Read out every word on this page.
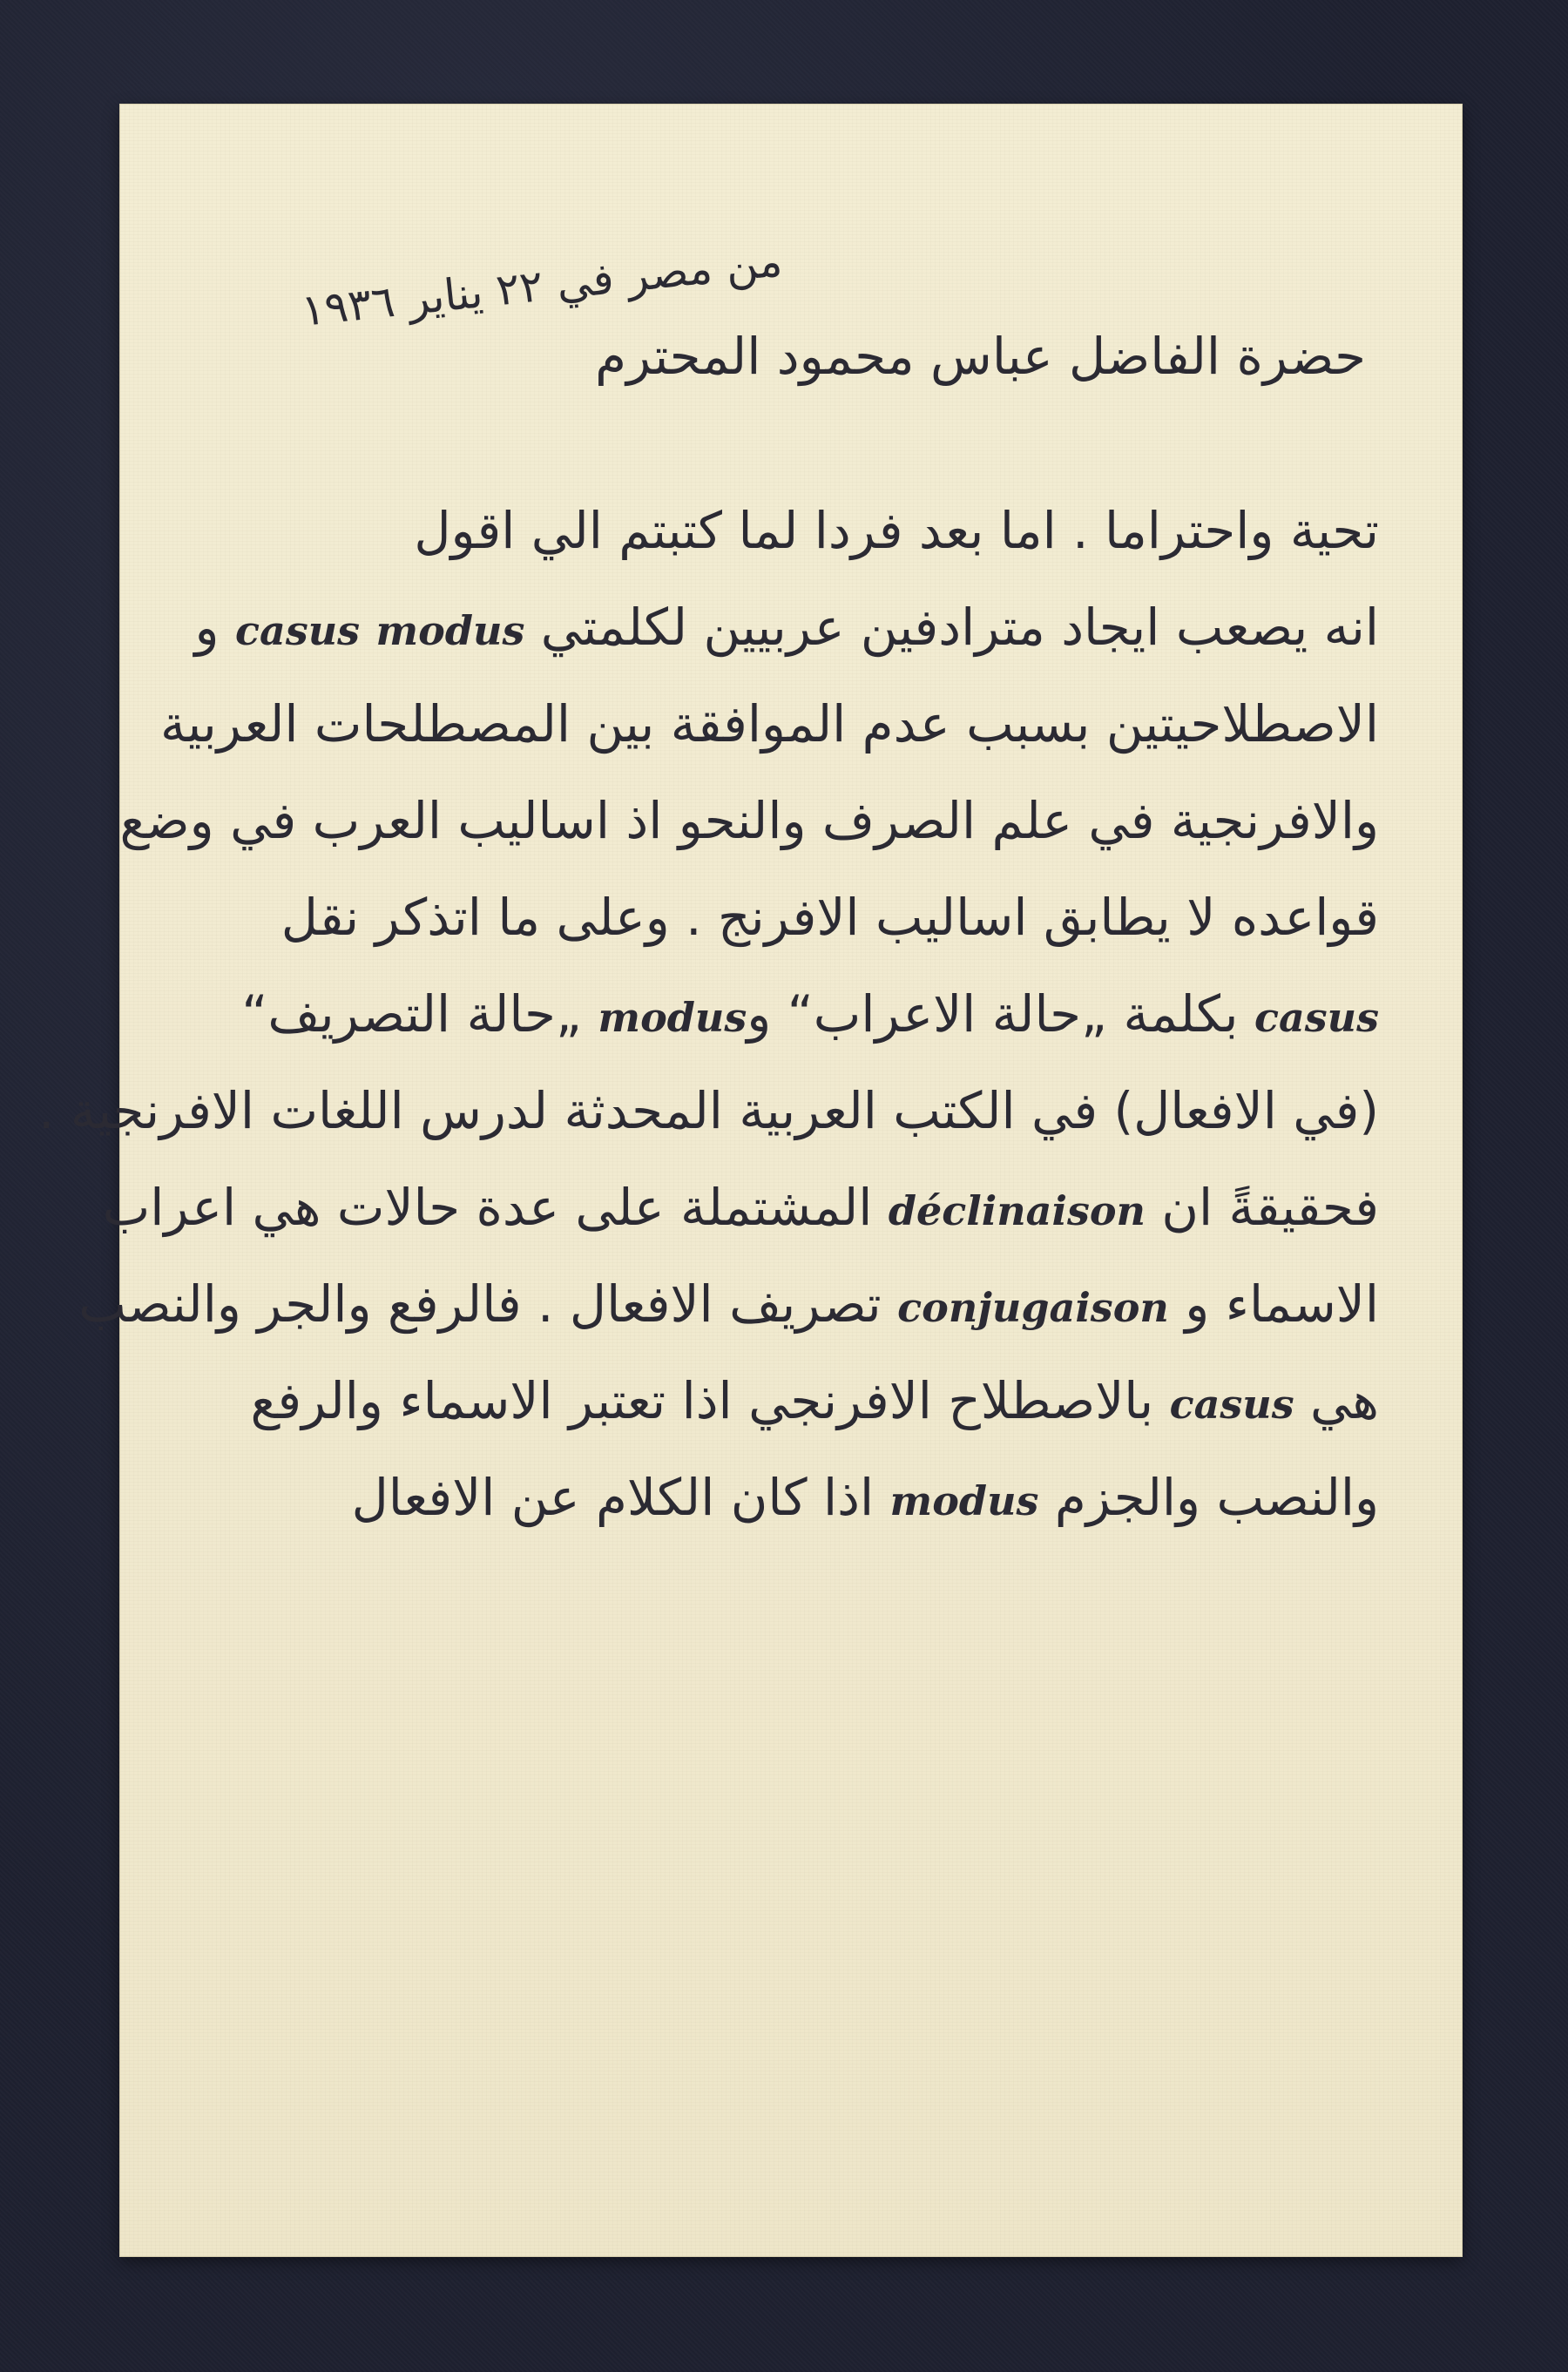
من مصر في ٢٢ يناير ١٩٣٦
حضرة الفاضل عباس محمود المحترم
تحية واحتراما . اما بعد فردا لما كتبتم الي اقول
انه يصعب ايجاد مترادفين عربيين لكلمتي casus modus و
الاصطلاحيتين بسبب عدم الموافقة بين المصطلحات العربية
والافرنجية في علم الصرف والنحو اذ اساليب العرب في وضع
قواعده لا يطابق اساليب الافرنج . وعلى ما اتذكر نقل
casus بكلمة „حالة الاعراب“ وmodus „حالة التصريف“
(في الافعال) في الكتب العربية المحدثة لدرس اللغات الافرنجية .
فحقيقةً ان déclinaison المشتملة على عدة حالات هي اعراب
الاسماء و conjugaison تصريف الافعال . فالرفع والجر والنصب
هي casus بالاصطلاح الافرنجي اذا تعتبر الاسماء والرفع
والنصب والجزم modus اذا كان الكلام عن الافعال
